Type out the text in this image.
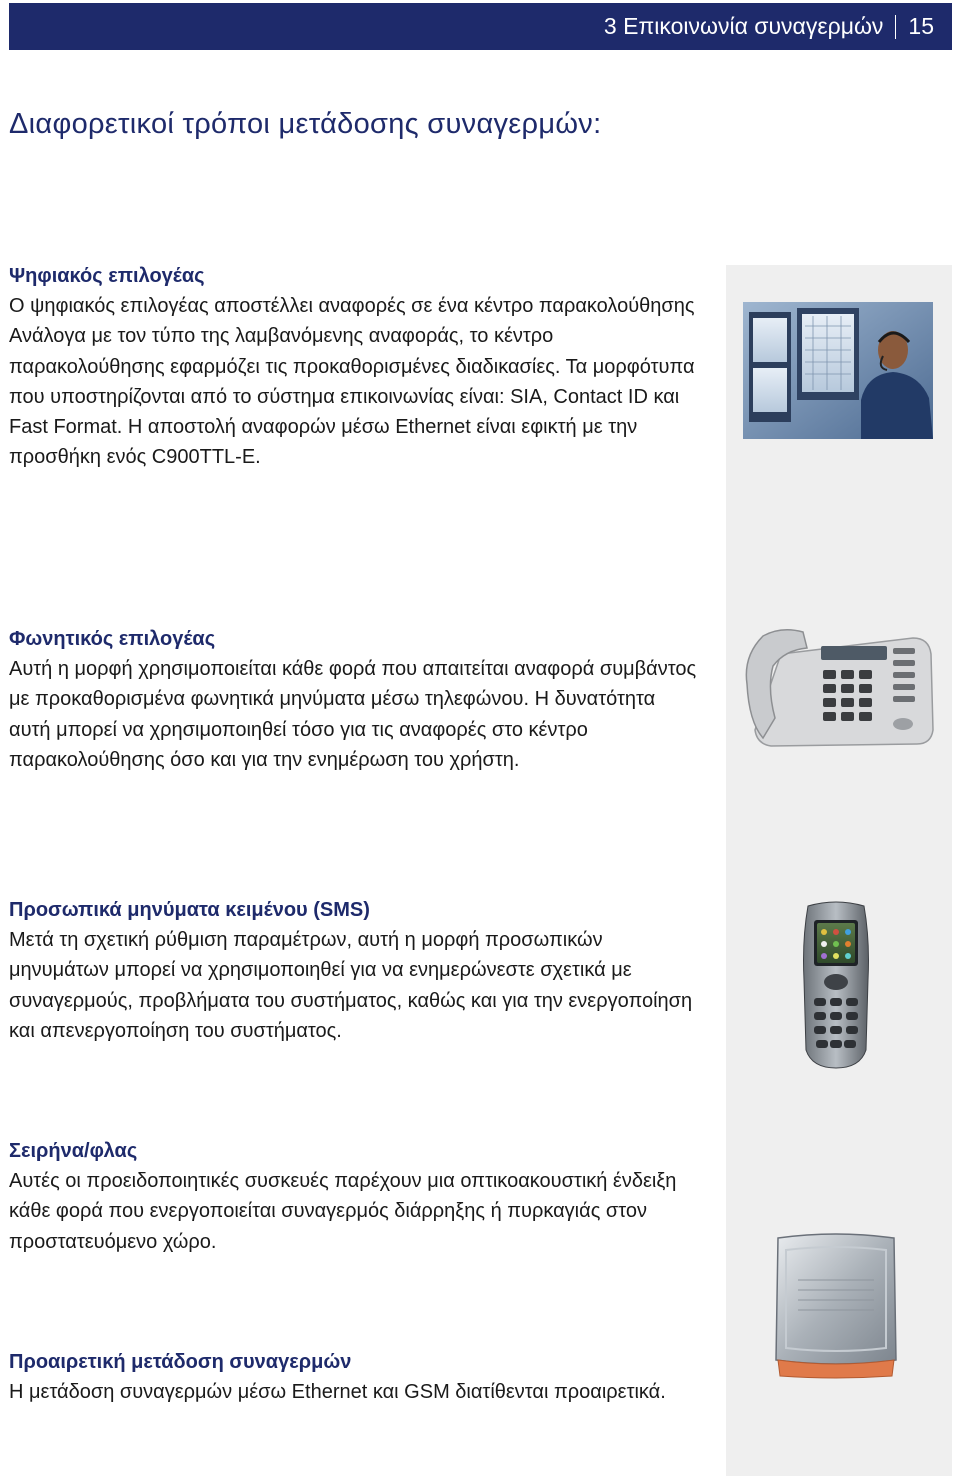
3 Επικοινωνία συναγερμών 15
Διαφορετικοί τρόποι μετάδοσης συναγερμών:
Ψηφιακός επιλογέας

Ο ψηφιακός επιλογέας αποστέλλει αναφορές σε ένα κέντρο παρακολούθησης Ανάλογα με τον τύπο της λαμβανόμενης αναφοράς, το κέντρο παρακολούθησης εφαρμόζει τις προκαθορισμένες διαδικασίες. Τα μορφότυπα που υποστηρίζονται από το σύστημα επικοινωνίας είναι: SIA, Contact ID και Fast Format. Η αποστολή αναφορών μέσω Ethernet είναι εφικτή με την προσθήκη ενός C900TTL-E.

Φωνητικός επιλογέας

Αυτή η μορφή χρησιμοποιείται κάθε φορά που απαιτείται αναφορά συμβάντος με προκαθορισμένα φωνητικά μηνύματα μέσω τηλεφώνου. Η δυνατότητα αυτή μπορεί να χρησιμοποιηθεί τόσο για τις αναφορές στο κέντρο παρακολούθησης όσο και για την ενημέρωση του χρήστη.

Προσωπικά μηνύματα κειμένου (SMS)

Μετά τη σχετική ρύθμιση παραμέτρων, αυτή η μορφή προσωπικών μηνυμάτων μπορεί να χρησιμοποιηθεί για να ενημερώνεστε σχετικά με συναγερμούς, προβλήματα του συστήματος, καθώς και για την ενεργοποίηση και απενεργοποίηση του συστήματος.

Σειρήνα/φλας

Αυτές οι προειδοποιητικές συσκευές παρέχουν μια οπτικοακουστική ένδειξη κάθε φορά που ενεργοποιείται συναγερμός διάρρηξης ή πυρκαγιάς στον προστατευόμενο χώρο.

Προαιρετική μετάδοση συναγερμών

Η μετάδοση συναγερμών μέσω Ethernet και GSM διατίθενται προαιρετικά.
